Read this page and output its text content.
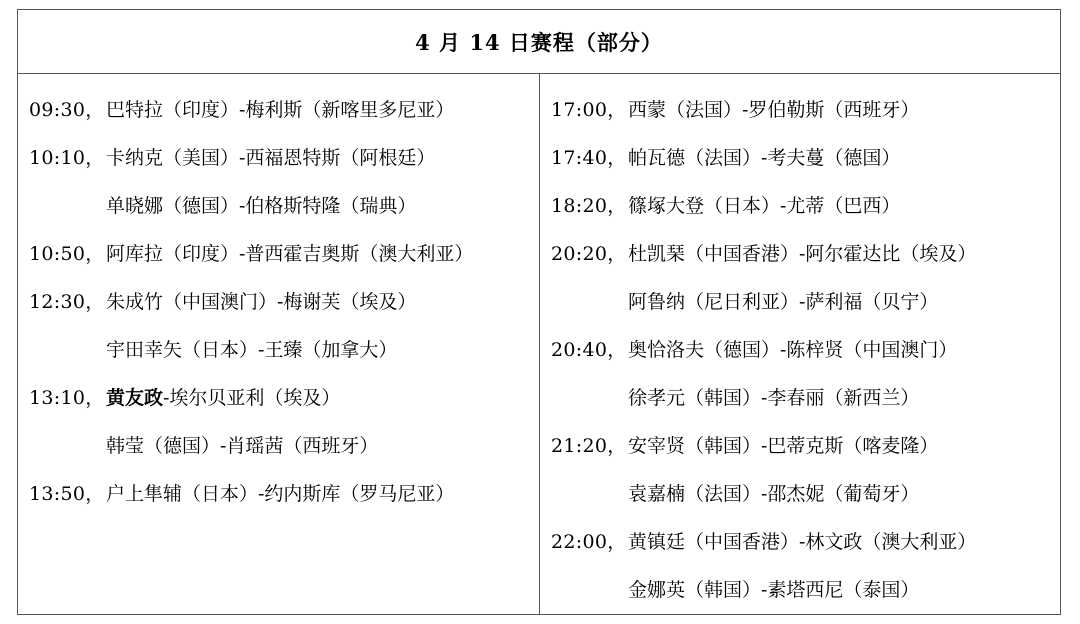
4 月 14 日赛程（部分）
09:30， 巴特拉（印度）-梅利斯（新喀里多尼亚）
10:10， 卡纳克（美国）-西福恩特斯（阿根廷）
单晓娜（德国）-伯格斯特隆（瑞典）
10:50， 阿库拉（印度）-普西霍吉奥斯（澳大利亚）
12:30， 朱成竹（中国澳门）-梅谢芙（埃及）
宇田幸矢（日本）-王臻（加拿大）
13:10， 黄友政-埃尔贝亚利（埃及）
韩莹（德国）-肖瑶茜（西班牙）
13:50， 户上隼辅（日本）-约内斯库（罗马尼亚）
17:00， 西蒙（法国）-罗伯勒斯（西班牙）
17:40， 帕瓦德（法国）-考夫蔓（德国）
18:20， 篠塚大登（日本）-尤蒂（巴西）
20:20， 杜凯琹（中国香港）-阿尔霍达比（埃及）
阿鲁纳（尼日利亚）-萨利福（贝宁）
20:40， 奥恰洛夫（德国）-陈梓贤（中国澳门）
徐孝元（韩国）-李春丽（新西兰）
21:20， 安宰贤（韩国）-巴蒂克斯（喀麦隆）
袁嘉楠（法国）-邵杰妮（葡萄牙）
22:00， 黄镇廷（中国香港）-林文政（澳大利亚）
金娜英（韩国）-素塔西尼（泰国）
